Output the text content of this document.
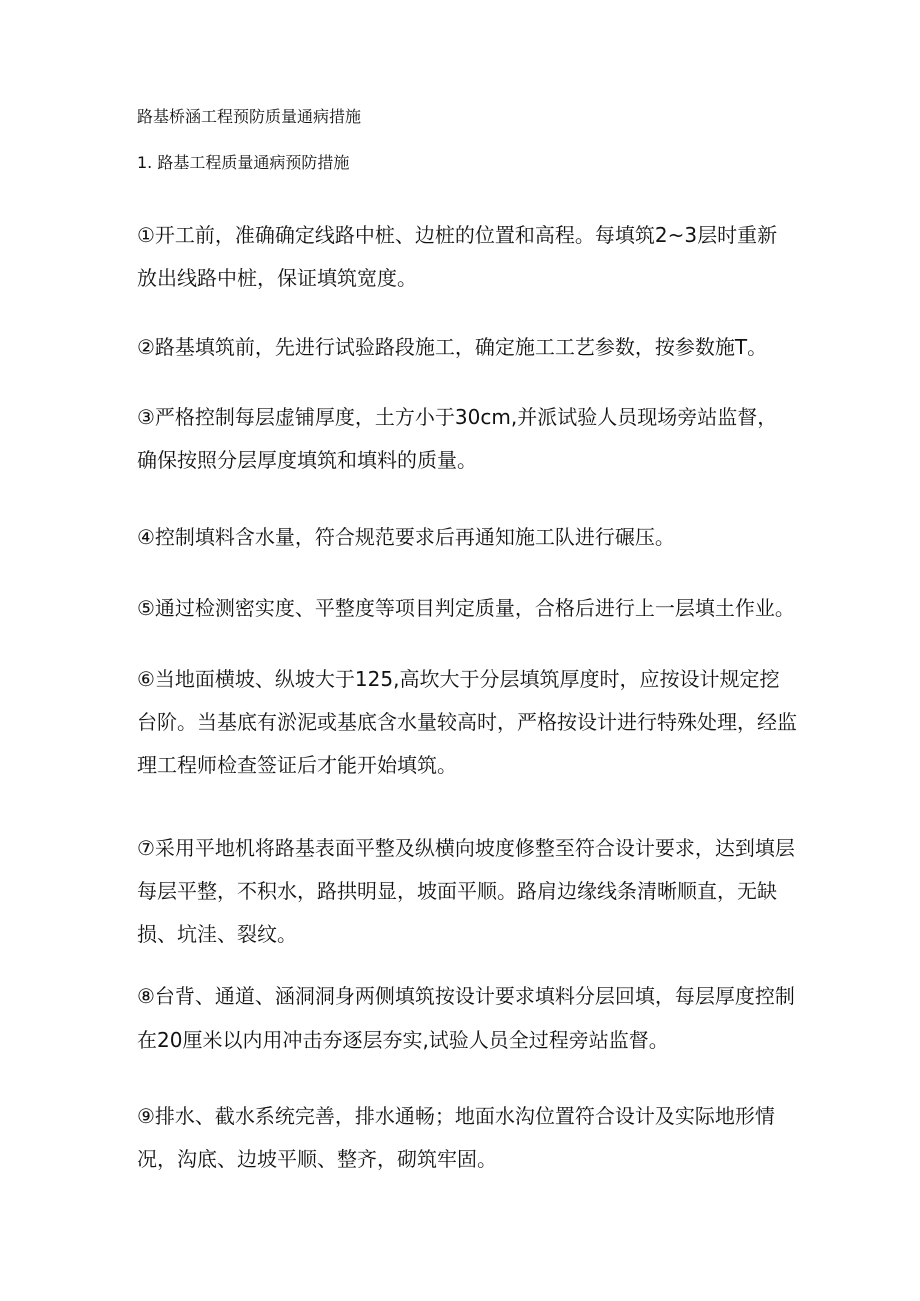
路基桥涵工程预防质量通病措施
1. 路基工程质量通病预防措施

①开工前，准确确定线路中桩、边桩的位置和高程。每填筑2~3层时重新放出线路中桩，保证填筑宽度。

②路基填筑前，先进行试验路段施工，确定施工工艺参数，按参数施T。

③严格控制每层虚铺厚度，土方小于30cm,并派试验人员现场旁站监督，确保按照分层厚度填筑和填料的质量。

④控制填料含水量，符合规范要求后再通知施工队进行碾压。

⑤通过检测密实度、平整度等项目判定质量，合格后进行上一层填土作业。

⑥当地面横坡、纵坡大于125,高坎大于分层填筑厚度时，应按设计规定挖台阶。当基底有淤泥或基底含水量较高时，严格按设计进行特殊处理，经监理工程师检查签证后才能开始填筑。

⑦采用平地机将路基表面平整及纵横向坡度修整至符合设计要求，达到填层每层平整，不积水，路拱明显，坡面平顺。路肩边缘线条清晰顺直，无缺损、坑洼、裂纹。

⑧台背、通道、涵洞洞身两侧填筑按设计要求填料分层回填，每层厚度控制在20厘米以内用冲击夯逐层夯实,试验人员全过程旁站监督。

⑨排水、截水系统完善，排水通畅；地面水沟位置符合设计及实际地形情况，沟底、边坡平顺、整齐，砌筑牢固。
